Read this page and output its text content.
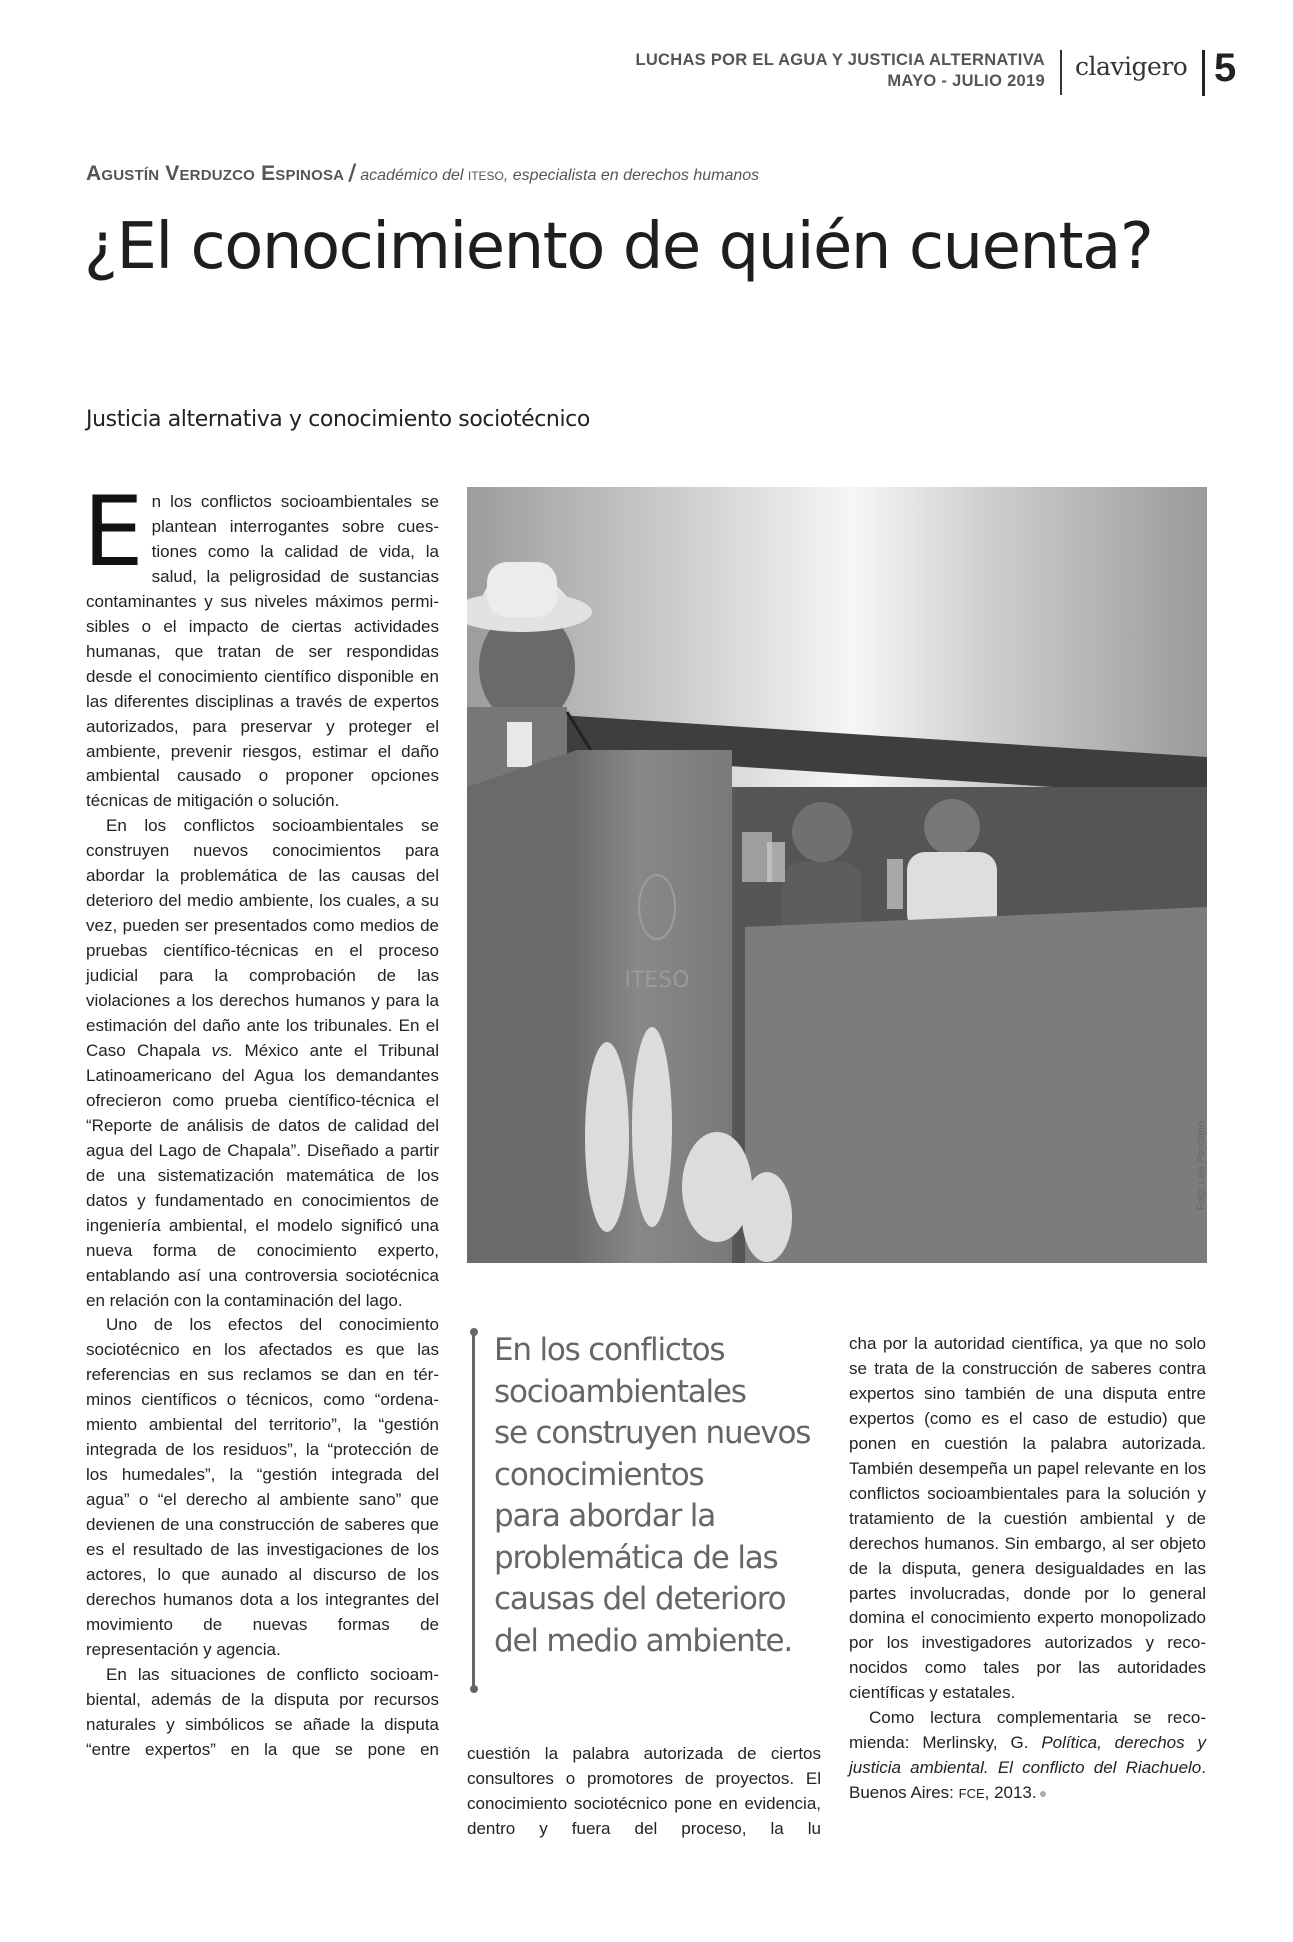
LUCHAS POR EL AGUA Y JUSTICIA ALTERNATIVA
MAYO - JULIO 2019 clavigero 5
Agustín Verduzco Espinosa / académico del ITESO, especialista en derechos humanos
¿El conocimiento de quién cuenta?
Justicia alternativa y conocimiento sociotécnico

En los conflictos socioambientales se plantean interrogantes sobre cuestiones como la calidad de vida, la salud, la peligrosidad de sustancias contaminantes y sus niveles máximos permisibles o el impacto de ciertas actividades humanas, que tratan de ser respondidas desde el conocimiento científico disponible en las diferentes disciplinas a través de expertos autorizados, para preservar y proteger el ambiente, prevenir riesgos, estimar el daño ambiental causado o proponer opciones técnicas de mitigación o solución.

En los conflictos socioambientales se construyen nuevos conocimientos para abordar la problemática de las causas del deterioro del medio ambiente, los cuales, a su vez, pueden ser presentados como medios de pruebas científico-técnicas en el proceso judicial para la comprobación de las violaciones a los derechos humanos y para la estimación del daño ante los tribunales. En el Caso Chapala vs. México ante el Tribunal Latinoamericano del Agua los demandantes ofrecieron como prueba científico-técnica el “Reporte de análisis de datos de calidad del agua del Lago de Chapala”. Diseñado a partir de una sistematización matemática de los datos y fundamentado en conocimientos de ingeniería ambiental, el modelo significó una nueva forma de conocimiento experto, entablando así una controversia sociotécnica en relación con la contaminación del lago.

Uno de los efectos del conocimiento sociotécnico en los afectados es que las referencias en sus reclamos se dan en términos científicos o técnicos, como “ordenamiento ambiental del territorio”, la “gestión integrada de los residuos”, la “protección de los humedales”, la “gestión integrada del agua” o “el derecho al ambiente sano” que devienen de una construcción de saberes que es el resultado de las investigaciones de los actores, lo que aunado al discurso de los derechos humanos dota a los integrantes del movimiento de nuevas formas de representación y agencia.

En las situaciones de conflicto socioambiental, además de la disputa por recursos naturales y simbólicos se añade la disputa “entre expertos” en la que se pone en

ITESO
Foto: Luis Ponciano
En los conflictos
socioambientales
se construyen nuevos
conocimientos
para abordar la
problemática de las
causas del deterioro
del medio ambiente.

cuestión la palabra autorizada de ciertos consultores o promotores de proyectos. El conocimiento sociotécnico pone en evidencia, dentro y fuera del proceso, la lu

cha por la autoridad científica, ya que no solo se trata de la construcción de saberes contra expertos sino también de una disputa entre expertos (como es el caso de estudio) que ponen en cuestión la palabra autorizada. También desempeña un papel relevante en los conflictos socioambientales para la solución y tratamiento de la cuestión ambiental y de derechos humanos. Sin embargo, al ser objeto de la disputa, genera desigualdades en las partes involucradas, donde por lo general domina el conocimiento experto monopolizado por los investigadores autorizados y reconocidos como tales por las autoridades científicas y estatales.

Como lectura complementaria se recomienda: Merlinsky, G. Política, derechos y justicia ambiental. El conflicto del Riachuelo. Buenos Aires: FCE, 2013.
